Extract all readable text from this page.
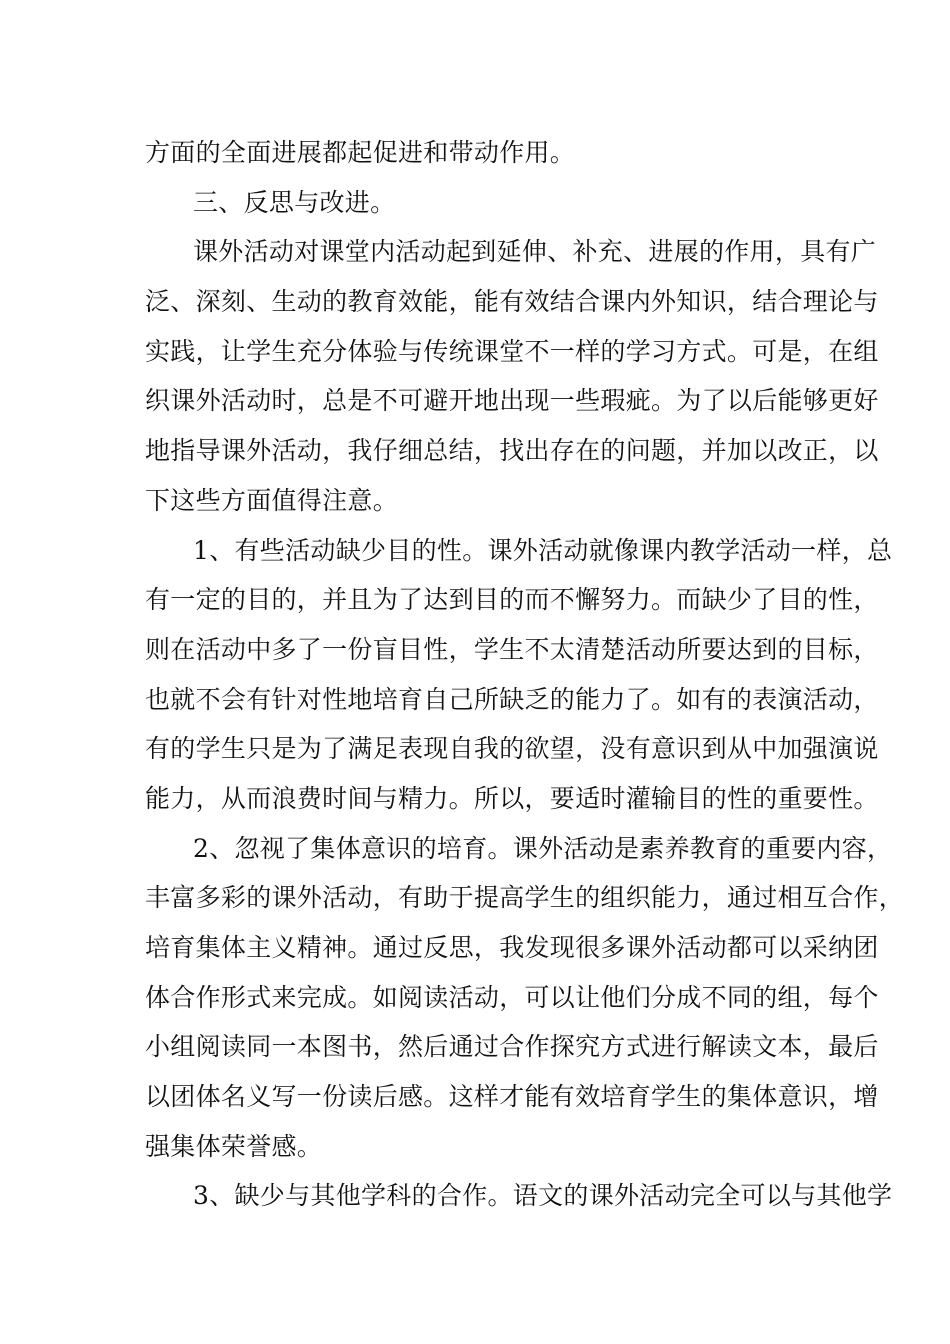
方面的全面进展都起促进和带动作用。
三、反思与改进。
课外活动对课堂内活动起到延伸、补充、进展的作用，具有广
泛、深刻、生动的教育效能，能有效结合课内外知识，结合理论与
实践，让学生充分体验与传统课堂不一样的学习方式。可是，在组
织课外活动时，总是不可避开地出现一些瑕疵。为了以后能够更好
地指导课外活动，我仔细总结，找出存在的问题，并加以改正，以
下这些方面值得注意。
1、有些活动缺少目的性。课外活动就像课内教学活动一样，总
有一定的目的，并且为了达到目的而不懈努力。而缺少了目的性，
则在活动中多了一份盲目性，学生不太清楚活动所要达到的目标，
也就不会有针对性地培育自己所缺乏的能力了。如有的表演活动，
有的学生只是为了满足表现自我的欲望，没有意识到从中加强演说
能力，从而浪费时间与精力。所以，要适时灌输目的性的重要性。
2、忽视了集体意识的培育。课外活动是素养教育的重要内容，
丰富多彩的课外活动，有助于提高学生的组织能力，通过相互合作，
培育集体主义精神。通过反思，我发现很多课外活动都可以采纳团
体合作形式来完成。如阅读活动，可以让他们分成不同的组，每个
小组阅读同一本图书，然后通过合作探究方式进行解读文本，最后
以团体名义写一份读后感。这样才能有效培育学生的集体意识，增
强集体荣誉感。
3、缺少与其他学科的合作。语文的课外活动完全可以与其他学
